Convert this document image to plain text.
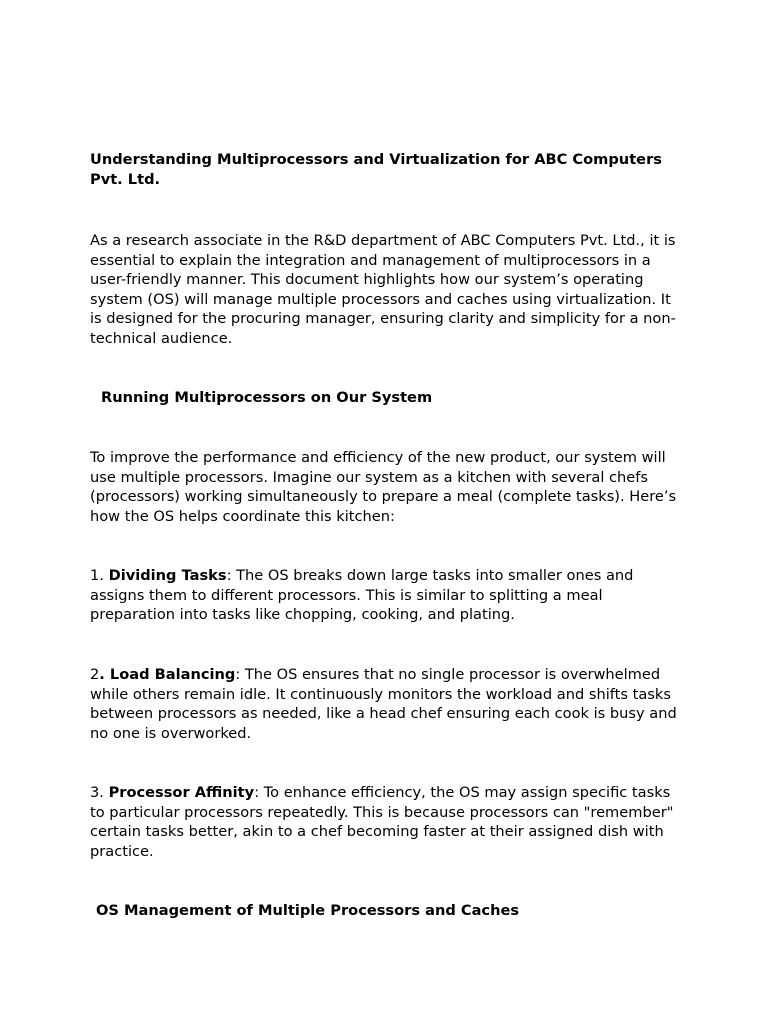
Understanding Multiprocessors and Virtualization for ABC Computers Pvt. Ltd.

As a research associate in the R&D department of ABC Computers Pvt. Ltd., it is essential to explain the integration and management of multiprocessors in a user-friendly manner. This document highlights how our system’s operating system (OS) will manage multiple processors and caches using virtualization. It is designed for the procuring manager, ensuring clarity and simplicity for a non-technical audience.

Running Multiprocessors on Our System

To improve the performance and efficiency of the new product, our system will use multiple processors. Imagine our system as a kitchen with several chefs (processors) working simultaneously to prepare a meal (complete tasks). Here’s how the OS helps coordinate this kitchen:

1. Dividing Tasks: The OS breaks down large tasks into smaller ones and assigns them to different processors. This is similar to splitting a meal preparation into tasks like chopping, cooking, and plating.

2. Load Balancing: The OS ensures that no single processor is overwhelmed while others remain idle. It continuously monitors the workload and shifts tasks between processors as needed, like a head chef ensuring each cook is busy and no one is overworked.

3. Processor Affinity: To enhance efficiency, the OS may assign specific tasks to particular processors repeatedly. This is because processors can "remember" certain tasks better, akin to a chef becoming faster at their assigned dish with practice.

OS Management of Multiple Processors and Caches
